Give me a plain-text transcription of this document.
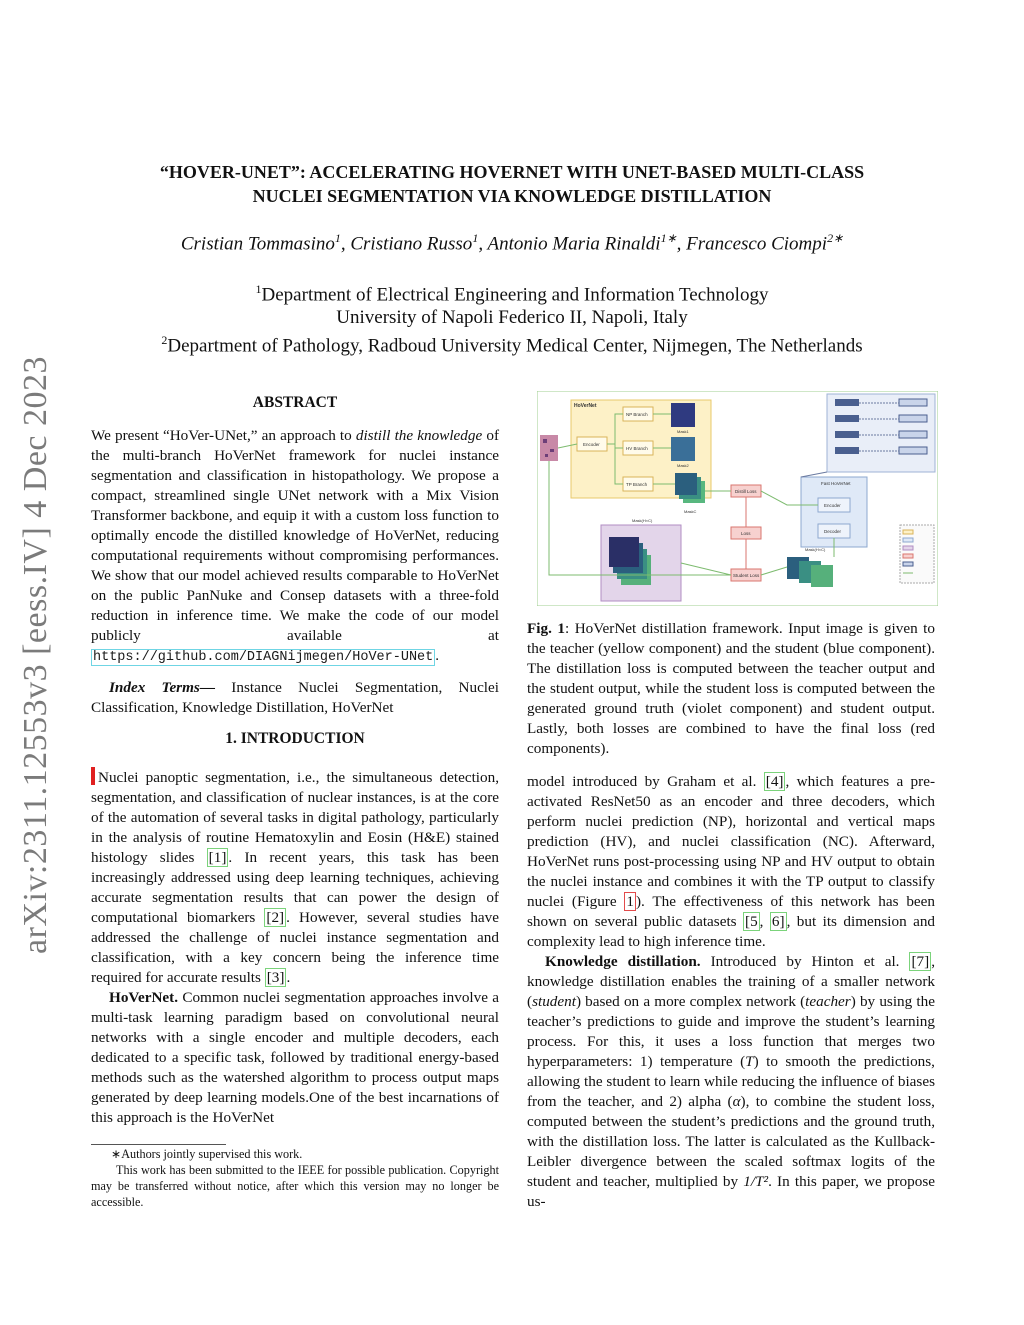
arXiv:2311.12553v3 [eess.IV] 4 Dec 2023
“HOVER-UNET”: ACCELERATING HOVERNET WITH UNET-BASED MULTI-CLASS
NUCLEI SEGMENTATION VIA KNOWLEDGE DISTILLATION
Cristian Tommasino$^1$, Cristiano Russo$^1$, Antonio Maria Rinaldi$^{1∗}$, Francesco Ciompi$^{2∗}$
$^1$Department of Electrical Engineering and Information Technology
University of Napoli Federico II, Napoli, Italy
$^2$Department of Pathology, Radboud University Medical Center, Nijmegen, The Netherlands
ABSTRACT

We present “HoVer-UNet,” an approach to distill the knowledge of the multi-branch HoVerNet framework for nuclei instance segmentation and classification in histopathology. We propose a compact, streamlined single UNet network with a Mix Vision Transformer backbone, and equip it with a custom loss function to optimally encode the distilled knowledge of HoVerNet, reducing computational requirements without compromising performances. We show that our model achieved results comparable to HoVerNet on the public PanNuke and Consep datasets with a three-fold reduction in inference time. We make the code of our model publicly available at https://github.com/DIAGNijmegen/HoVer-UNet .

Index Terms— Instance Nuclei Segmentation, Nuclei Classification, Knowledge Distillation, HoVerNet

1. INTRODUCTION

Nuclei panoptic segmentation, i.e., the simultaneous detection, segmentation, and classification of nuclear instances, is at the core of the automation of several tasks in digital pathology, particularly in the analysis of routine Hematoxylin and Eosin (H&E) stained histology slides [1] . In recent years, this task has been increasingly addressed using deep learning techniques, achieving accurate segmentation results that can power the design of computational biomarkers [2] . However, several studies have addressed the challenge of nuclei instance segmentation and classification, with a key concern being the inference time required for accurate results [3] .

HoVerNet. Common nuclei segmentation approaches involve a multi-task learning paradigm based on convolutional neural networks with a single encoder and multiple decoders, each dedicated to a specific task, followed by traditional energy-based methods such as the watershed algorithm to process output maps generated by deep learning models.One of the best incarnations of this approach is the HoVerNet

∗Authors jointly supervised this work.

This work has been submitted to the IEEE for possible publication. Copyright may be transferred without notice, after which this version may no longer be accessible.

HoVerNet
Encoder
NP Branch
HV Branch
TP Branch
Mask1
Mask2
MaskC
Fast HoVerNet
Encoder
Decoder
Distill Loss
Loss
Student Loss
Mask(H×C)
Mask(H×C)

Fig. 1: HoVerNet distillation framework. Input image is given to the teacher (yellow component) and the student (blue component). The distillation loss is computed between the teacher output and the student output, while the student loss is computed between the generated ground truth (violet component) and student output. Lastly, both losses are combined to have the final loss (red components).

model introduced by Graham et al. [4] , which features a pre-activated ResNet50 as an encoder and three decoders, which perform nuclei prediction (NP), horizontal and vertical maps prediction (HV), and nuclei classification (NC). Afterward, HoVerNet runs post-processing using NP and HV output to obtain the nuclei instance and combines it with the TP output to classify nuclei (Figure 1 ). The effectiveness of this network has been shown on several public datasets [5 , 6] , but its dimension and complexity lead to high inference time.

Knowledge distillation. Introduced by Hinton et al. [7] , knowledge distillation enables the training of a smaller network (student) based on a more complex network (teacher) by using the teacher’s predictions to guide and improve the student’s learning process. For this, it uses a loss function that merges two hyperparameters: 1) temperature (T) to smooth the predictions, allowing the student to learn while reducing the influence of biases from the teacher, and 2) alpha (α), to combine the student loss, computed between the student’s predictions and the ground truth, with the distillation loss. The latter is calculated as the Kullback-Leibler divergence between the scaled softmax logits of the student and teacher, multiplied by 1/T². In this paper, we propose us-
